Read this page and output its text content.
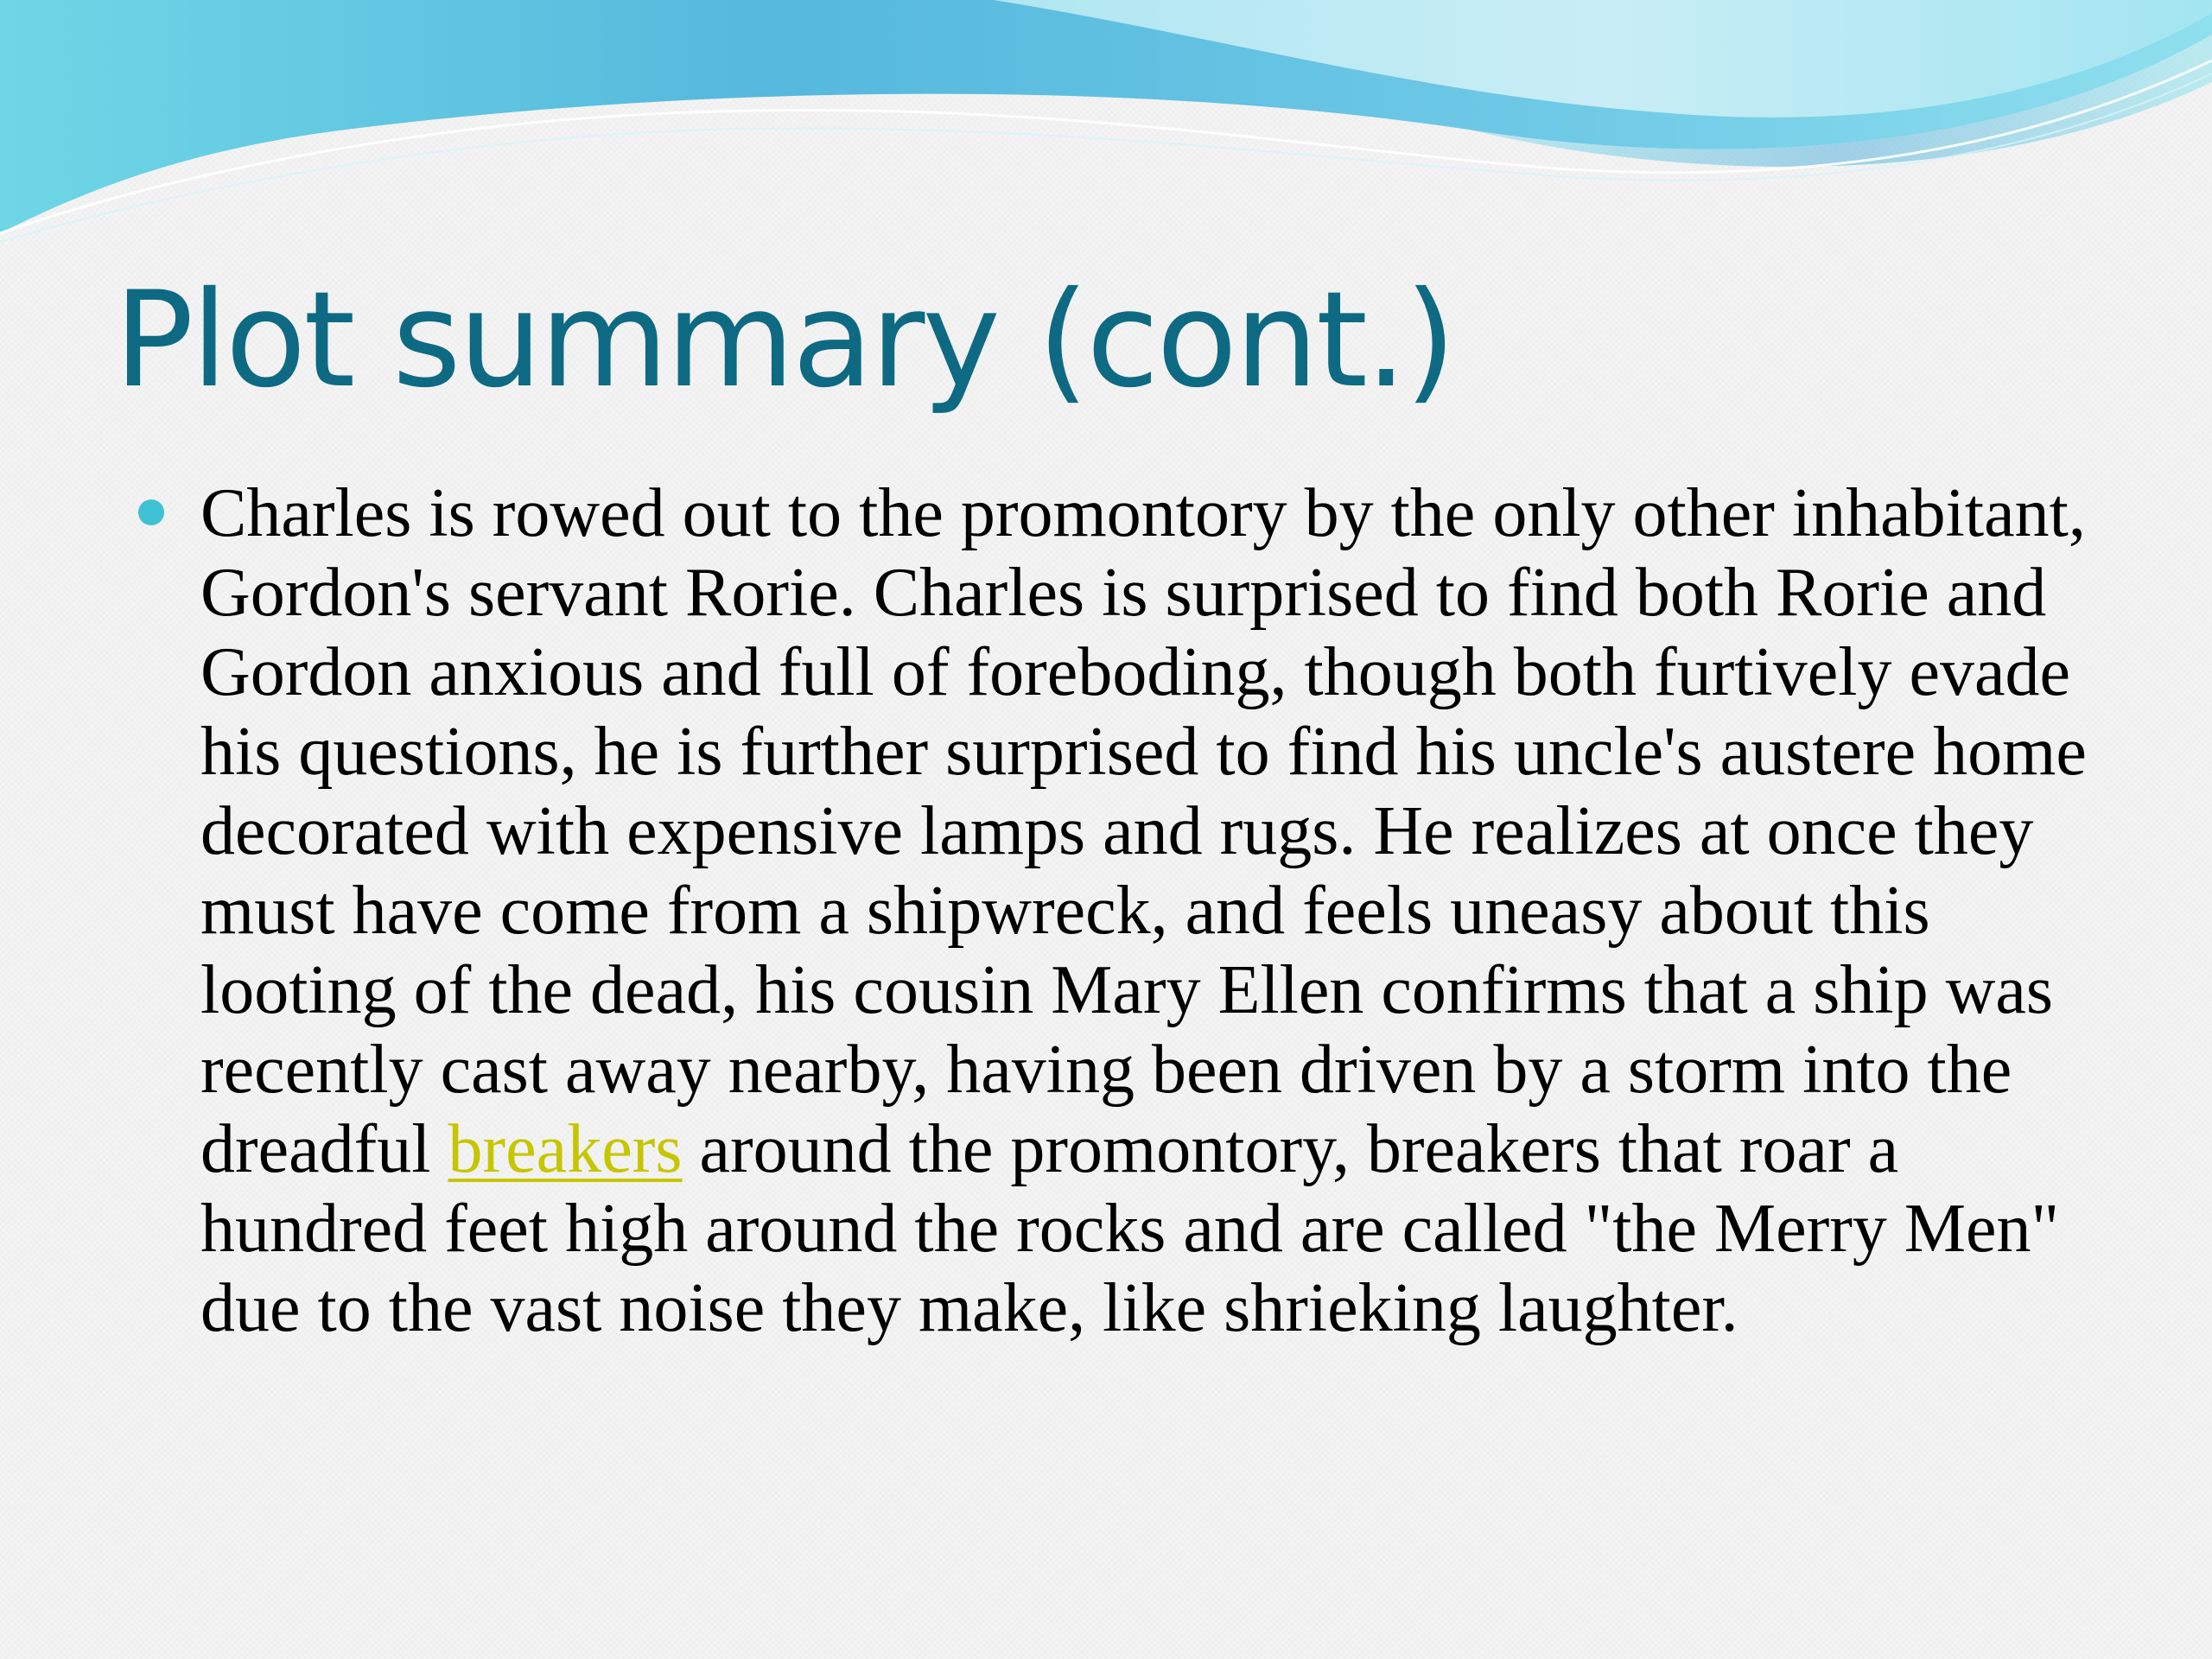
Plot summary (cont.)
Charles is rowed out to the promontory by the only other inhabitant, Gordon's servant Rorie. Charles is surprised to find both Rorie and Gordon anxious and full of foreboding, though both furtively evade his questions, he is further surprised to find his uncle's austere home decorated with expensive lamps and rugs. He realizes at once they must have come from a shipwreck, and feels uneasy about this looting of the dead, his cousin Mary Ellen confirms that a ship was recently cast away nearby, having been driven by a storm into the dreadful breakers around the promontory, breakers that roar a hundred feet high around the rocks and are called "the Merry Men" due to the vast noise they make, like shrieking laughter.
